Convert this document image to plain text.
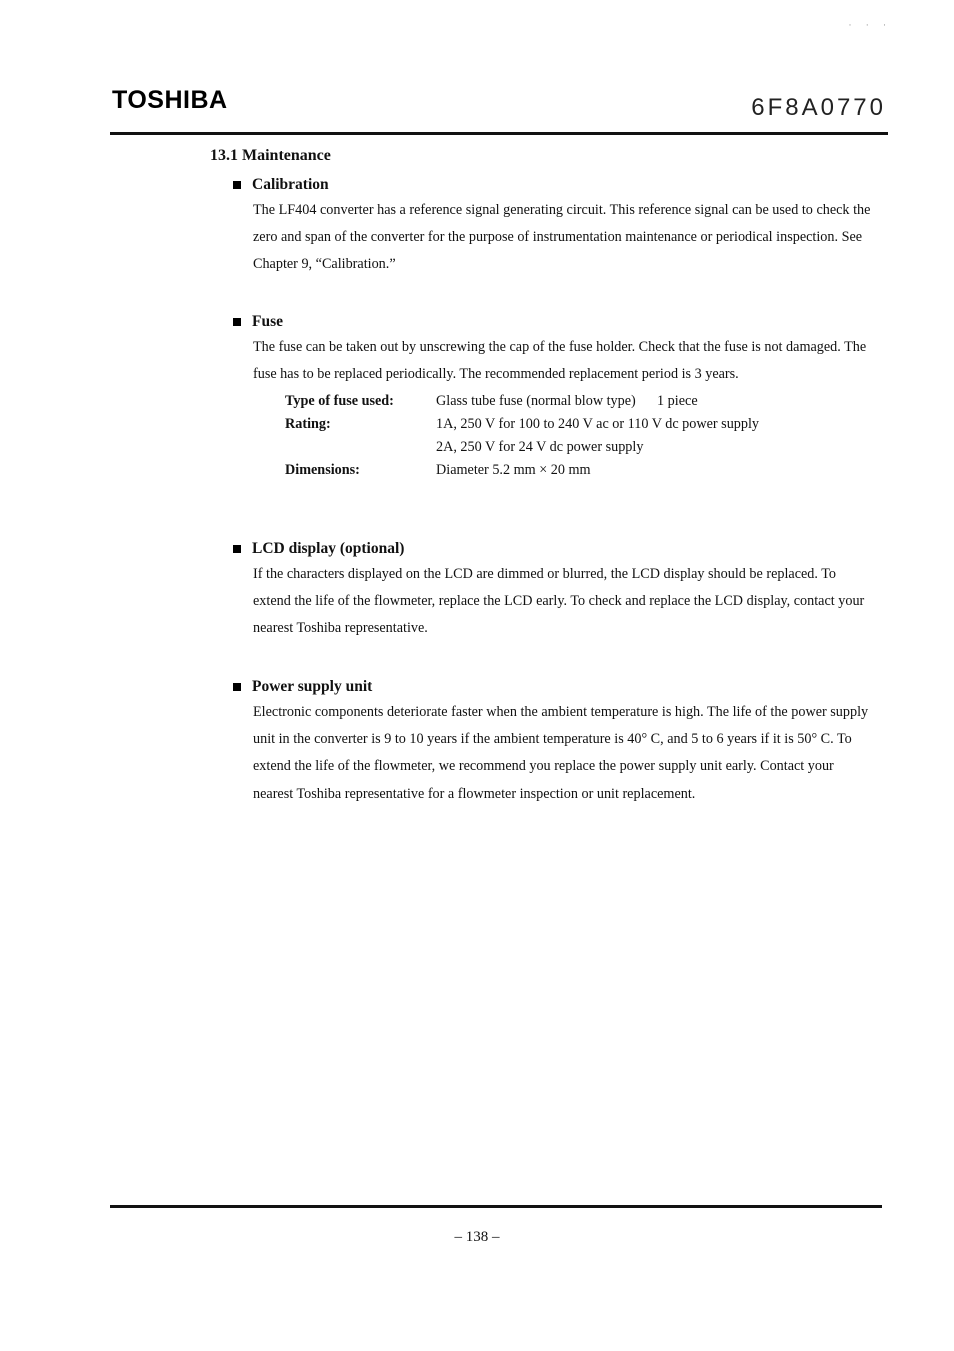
· · ·
TOSHIBA	6F8A0770
13.1 Maintenance
Calibration
The LF404 converter has a reference signal generating circuit. This reference signal can be used to check the zero and span of the converter for the purpose of instrumentation maintenance or periodical inspection. See Chapter 9, “Calibration.”
Fuse
The fuse can be taken out by unscrewing the cap of the fuse holder. Check that the fuse is not damaged. The fuse has to be replaced periodically. The recommended replacement period is 3 years.
Type of fuse used:	Glass tube fuse (normal blow type)      1 piece
Rating:	1A, 250 V for 100 to 240 V ac or 110 V dc power supply
2A, 250 V for 24 V dc power supply
Dimensions:	Diameter 5.2 mm × 20 mm
LCD display (optional)
If the characters displayed on the LCD are dimmed or blurred, the LCD display should be replaced. To extend the life of the flowmeter, replace the LCD early. To check and replace the LCD display, contact your nearest Toshiba representative.
Power supply unit
Electronic components deteriorate faster when the ambient temperature is high. The life of the power supply unit in the converter is 9 to 10 years if the ambient temperature is 40° C, and 5 to 6 years if it is 50° C. To extend the life of the flowmeter, we recommend you replace the power supply unit early. Contact your nearest Toshiba representative for a flowmeter inspection or unit replacement.
– 138 –
